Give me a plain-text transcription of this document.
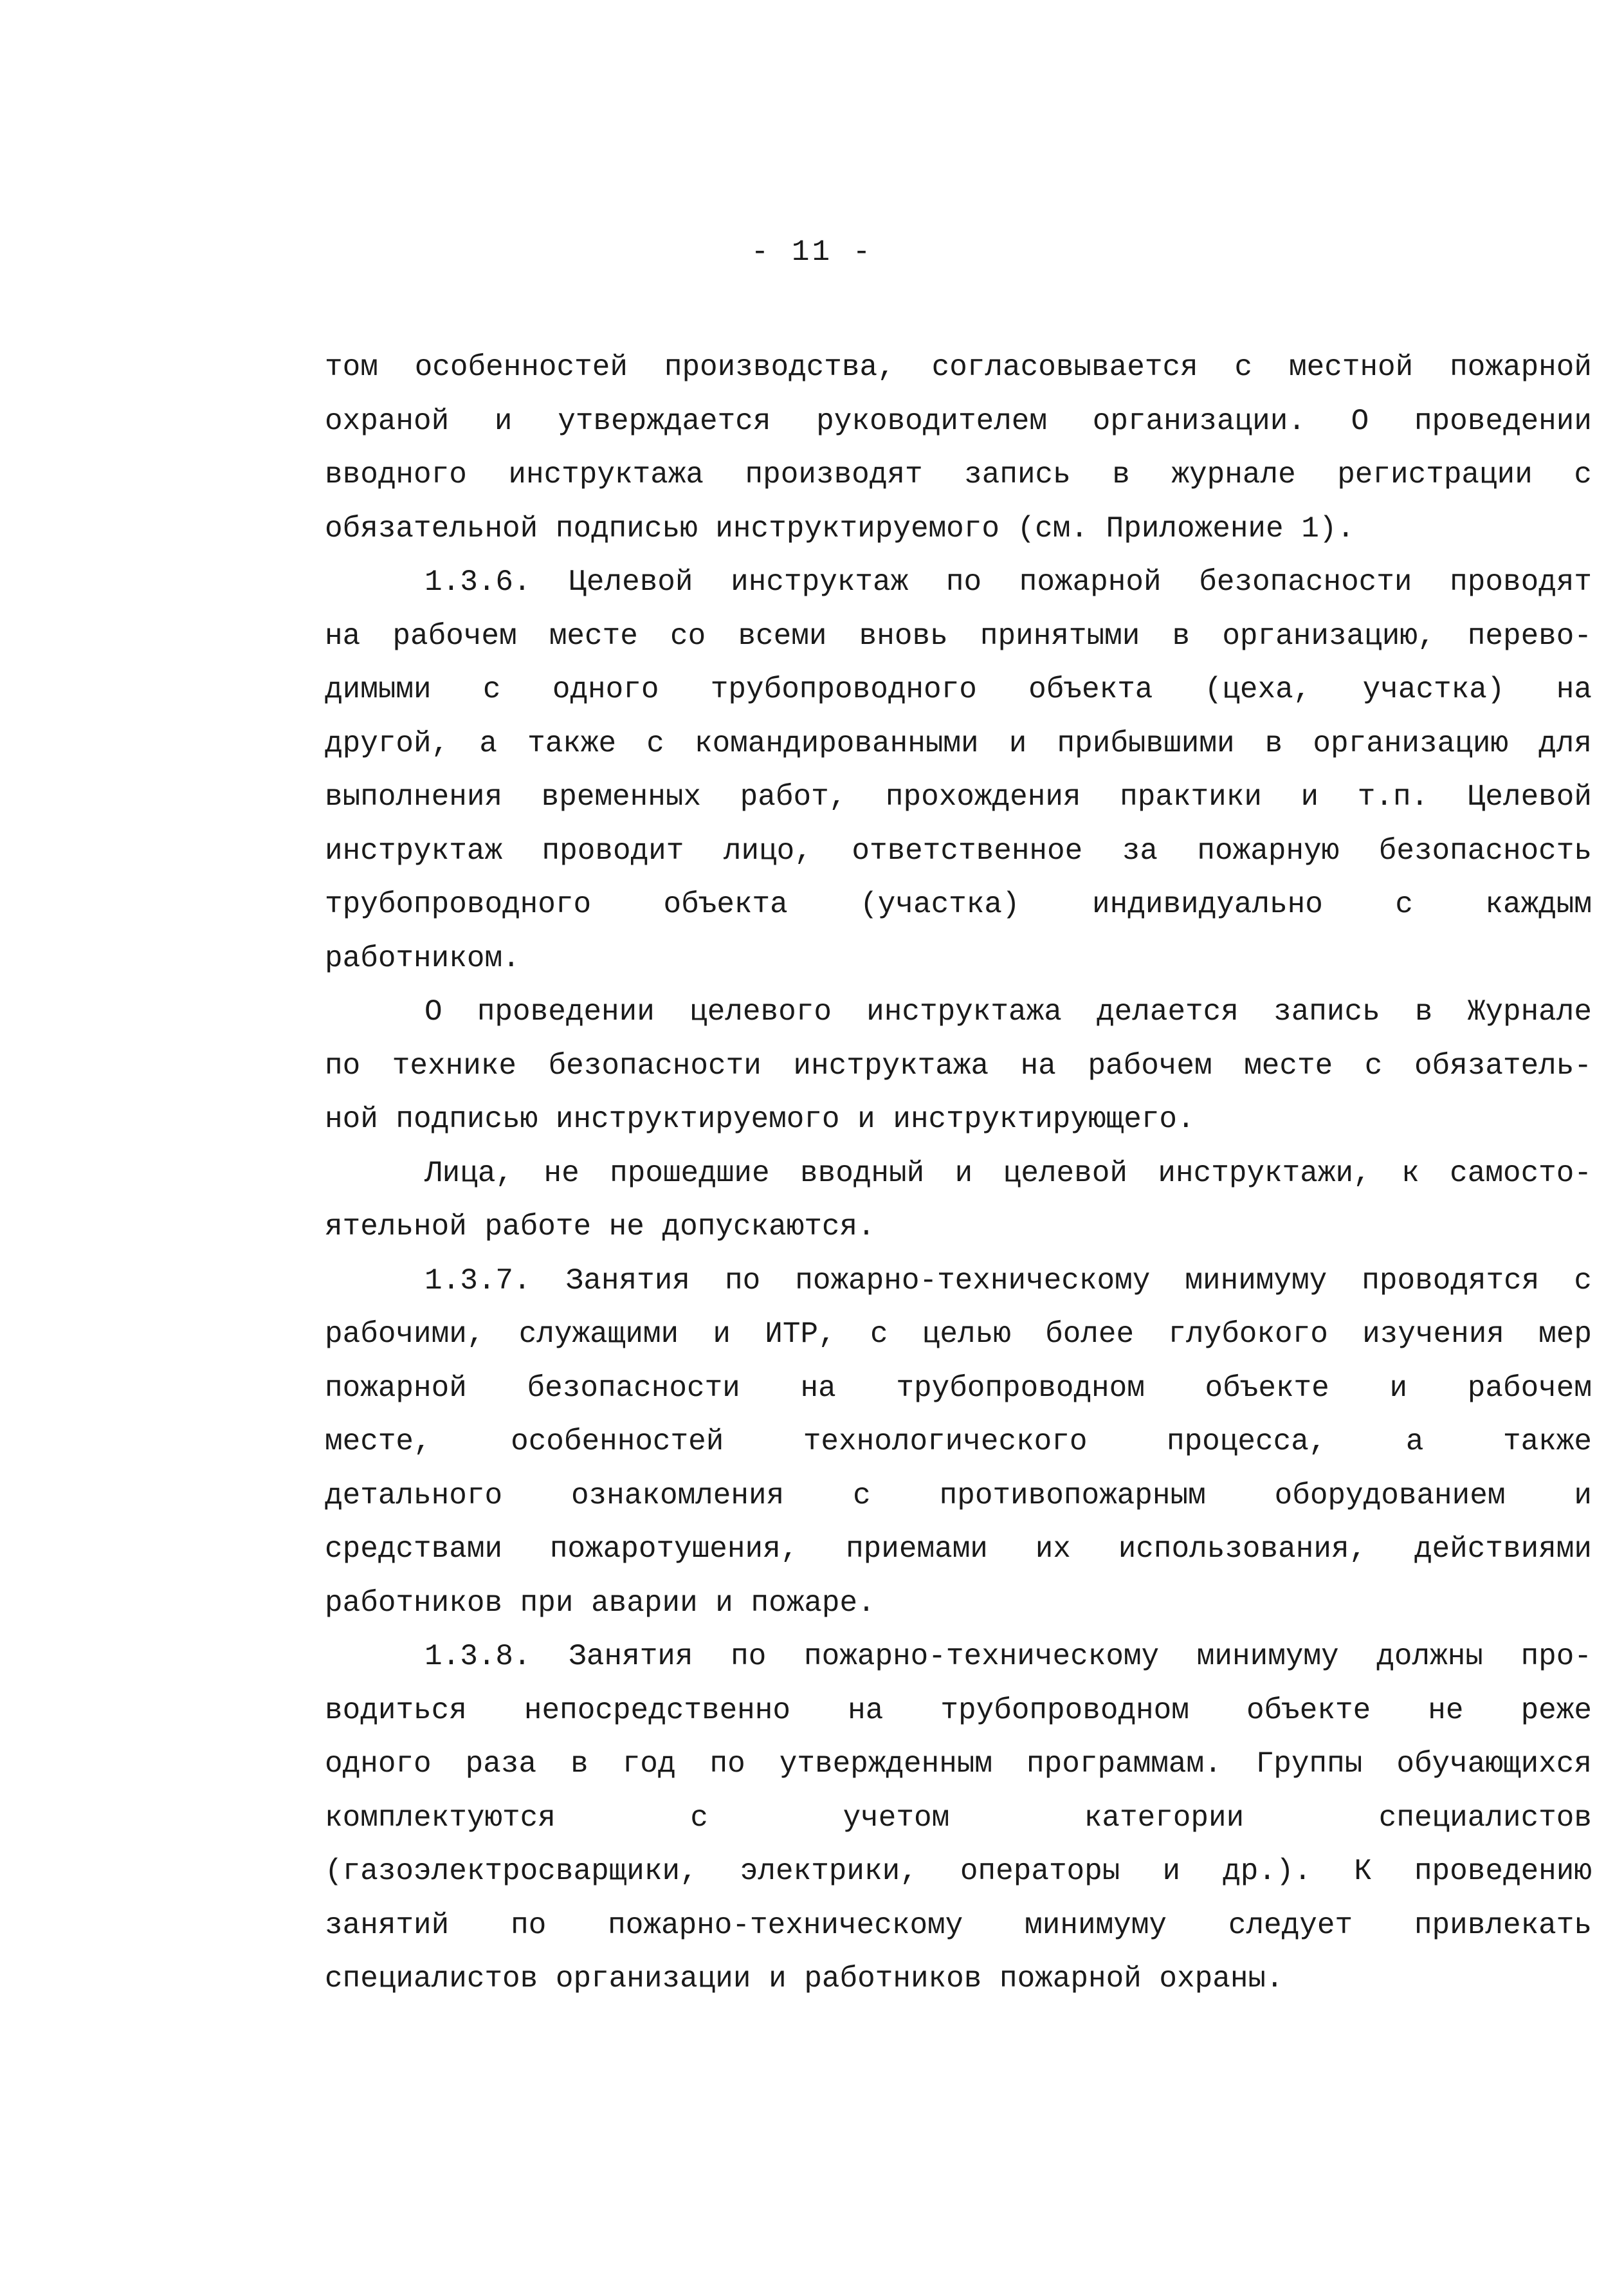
- 11 -
том особенностей производства, согласовывается с местной пожарной
охраной и утверждается руководителем организации. О проведении
вводного инструктажа производят запись в журнале регистрации с
обязательной подписью инструктируемого (см. Приложение 1).
1.3.6. Целевой инструктаж по пожарной безопасности проводят
на рабочем месте со всеми вновь принятыми в организацию, перево-
димыми с одного трубопроводного объекта (цеха, участка) на
другой, а также с командированными и прибывшими в организацию для
выполнения временных работ, прохождения практики и т.п. Целевой
инструктаж проводит лицо, ответственное за пожарную безопасность
трубопроводного объекта (участка) индивидуально с каждым
работником.
О проведении целевого инструктажа делается запись в Журнале
по технике безопасности инструктажа на рабочем месте с обязатель-
ной подписью инструктируемого и инструктирующего.
Лица, не прошедшие вводный и целевой инструктажи, к самосто-
ятельной работе не допускаются.
1.3.7. Занятия по пожарно-техническому минимуму проводятся с
рабочими, служащими и ИТР, с целью более глубокого изучения мер
пожарной безопасности на трубопроводном объекте и рабочем
месте, особенностей технологического процесса, а также
детального ознакомления с противопожарным оборудованием и
средствами пожаротушения, приемами их использования, действиями
работников при аварии и пожаре.
1.3.8. Занятия по пожарно-техническому минимуму должны про-
водиться непосредственно на трубопроводном объекте не реже
одного раза в год по утвержденным программам. Группы обучающихся
комплектуются с учетом категории специалистов
(газоэлектросварщики, электрики, операторы и др.). К проведению
занятий по пожарно-техническому минимуму следует привлекать
специалистов организации и работников пожарной охраны.
